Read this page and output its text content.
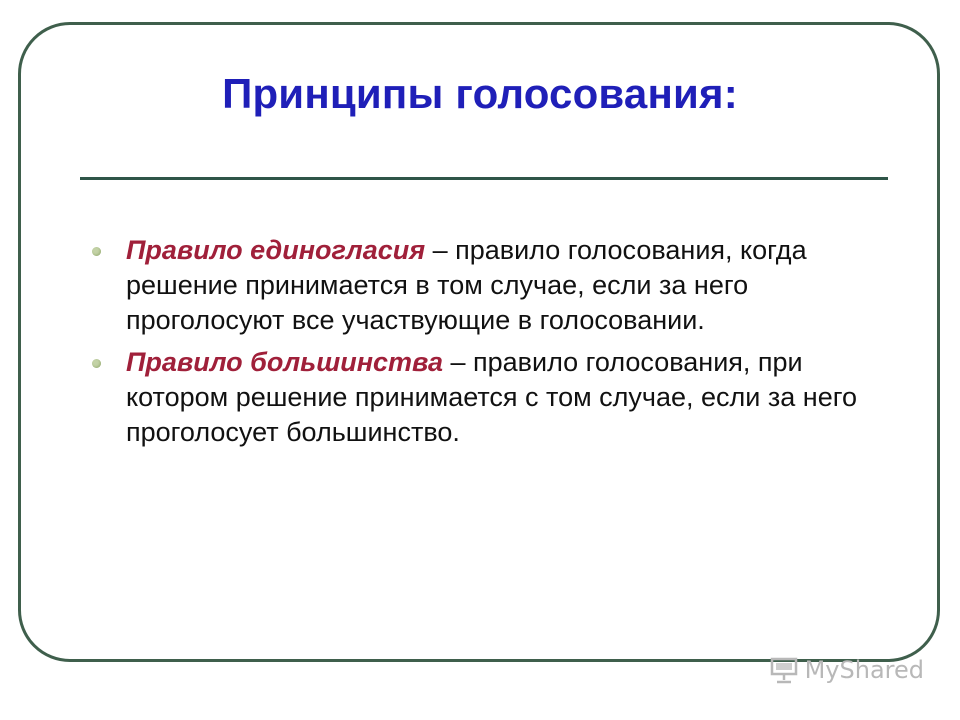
Принципы голосования:
Правило единогласия – правило голосования, когда решение принимается в том случае, если за него проголосуют все участвующие в голосовании.
Правило большинства – правило голосования, при котором решение принимается с том случае, если за него проголосует большинство.
MyShared
